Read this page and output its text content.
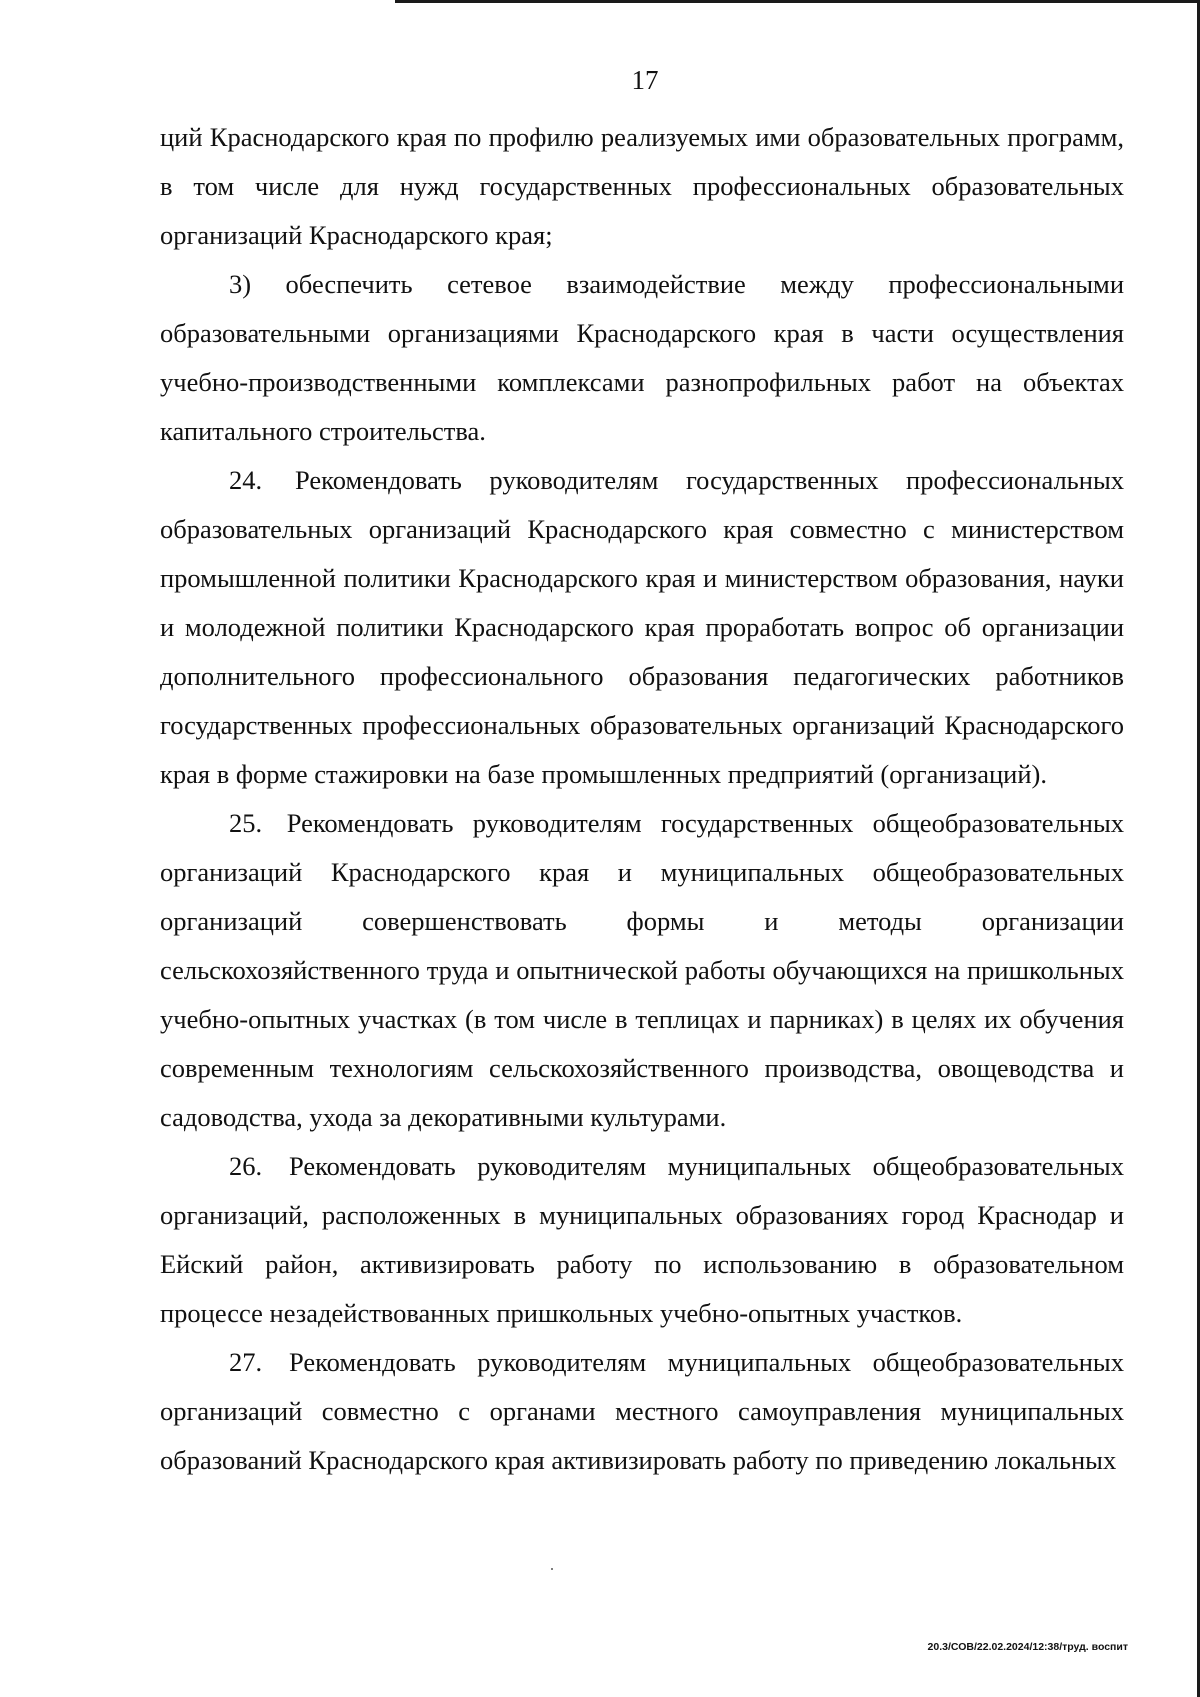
17

ций Краснодарского края по профилю реализуемых ими образовательных программ, в том числе для нужд государственных профессиональных образовательных организаций Краснодарского края;

3) обеспечить сетевое взаимодействие между профессиональными образовательными организациями Краснодарского края в части осуществления учебно-производственными комплексами разнопрофильных работ на объектах капитального строительства.

24. Рекомендовать руководителям государственных профессиональных образовательных организаций Краснодарского края совместно с министерством промышленной политики Краснодарского края и министерством образования, науки и молодежной политики Краснодарского края проработать вопрос об организации дополнительного профессионального образования педагогических работников государственных профессиональных образовательных организаций Краснодарского края в форме стажировки на базе промышленных предприятий (организаций).

25. Рекомендовать руководителям государственных общеобразовательных организаций Краснодарского края и муниципальных общеобразовательных организаций совершенствовать формы и методы организации сельскохозяйственного труда и опытнической работы обучающихся на пришкольных учебно-опытных участках (в том числе в теплицах и парниках) в целях их обучения современным технологиям сельскохозяйственного производства, овощеводства и садоводства, ухода за декоративными культурами.

26. Рекомендовать руководителям муниципальных общеобразовательных организаций, расположенных в муниципальных образованиях город Краснодар и Ейский район, активизировать работу по использованию в образовательном процессе незадействованных пришкольных учебно-опытных участков.

27. Рекомендовать руководителям муниципальных общеобразовательных организаций совместно с органами местного самоуправления муниципальных образований Краснодарского края активизировать работу по приведению локальных

20.3/СОВ/22.02.2024/12:38/труд. воспит
